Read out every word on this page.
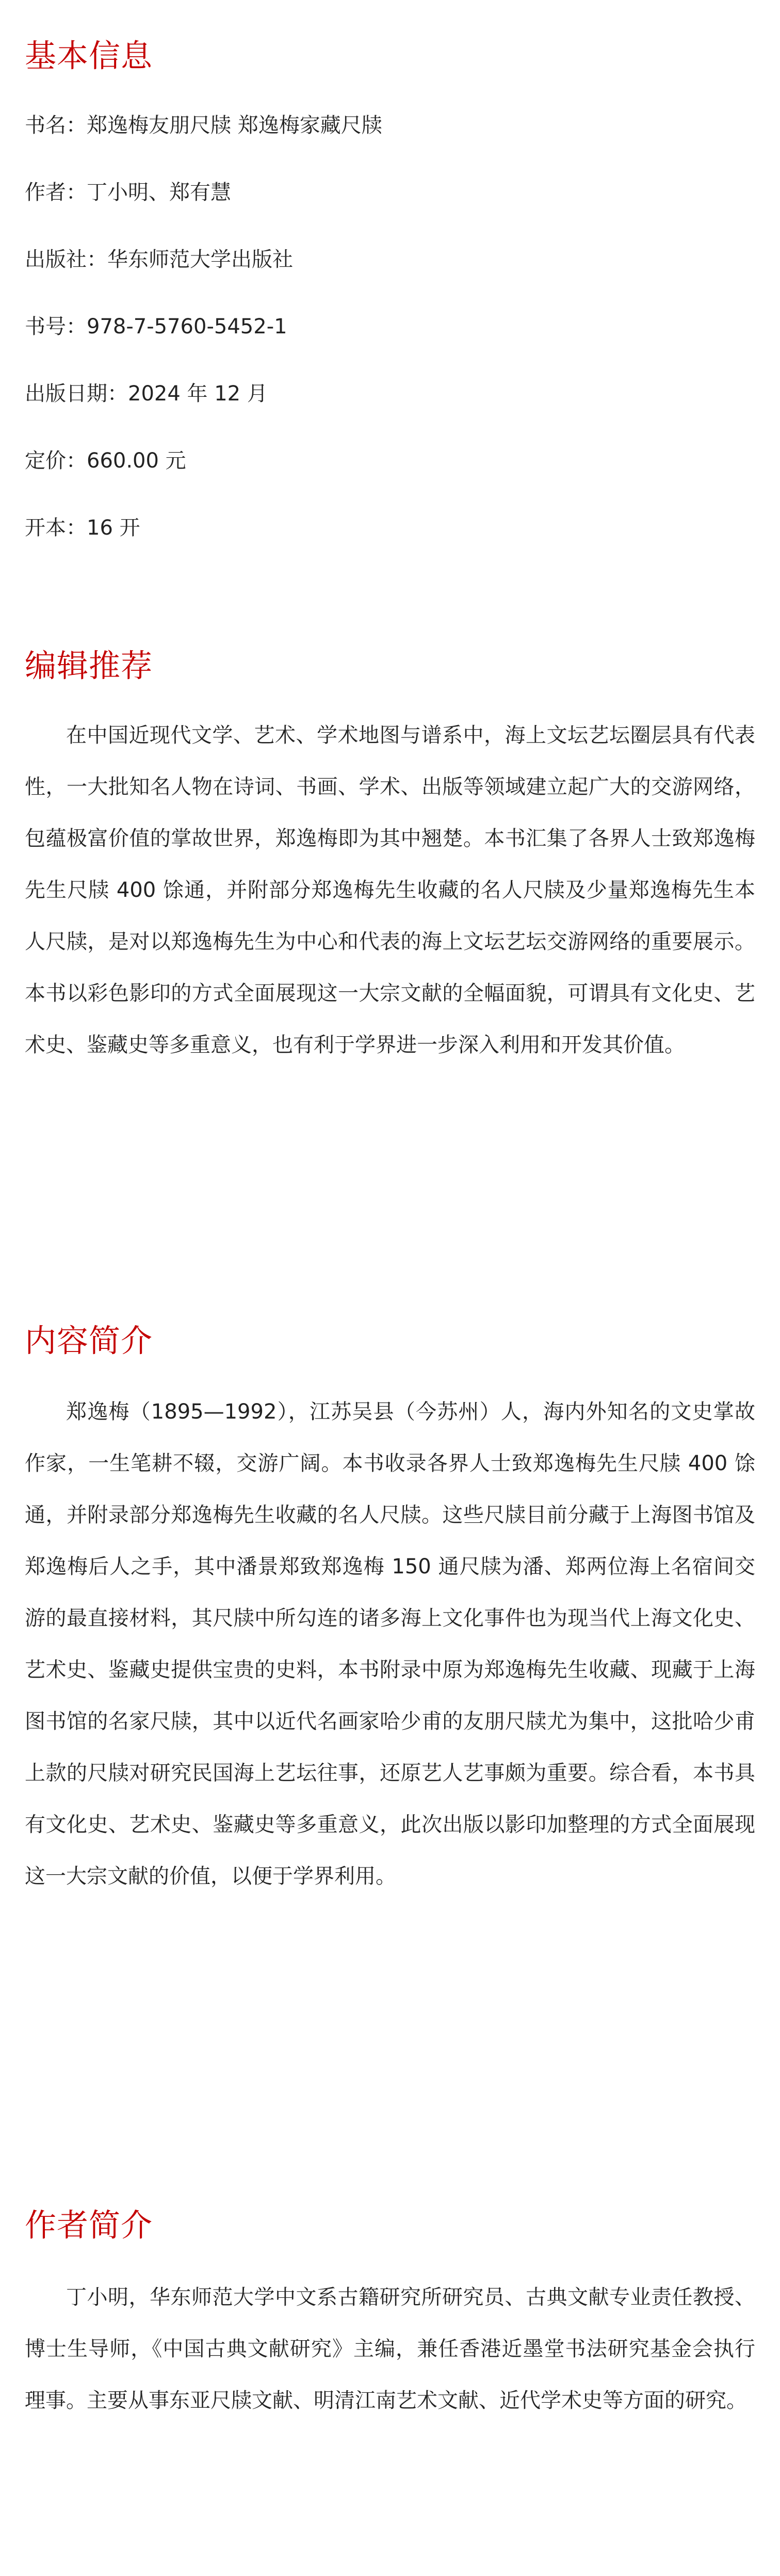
基本信息

书名：郑逸梅友朋尺牍 郑逸梅家藏尺牍

作者：丁小明、郑有慧

出版社：华东师范大学出版社

书号：978-7-5760-5452-1

出版日期：2024 年 12 月

定价：660.00 元

开本：16 开

编辑推荐

在中国近现代文学、艺术、学术地图与谱系中，海上文坛艺坛圈层具有代表性，一大批知名人物在诗词、书画、学术、出版等领域建立起广大的交游网络，包蕴极富价值的掌故世界，郑逸梅即为其中翘楚。本书汇集了各界人士致郑逸梅先生尺牍 400 馀通，并附部分郑逸梅先生收藏的名人尺牍及少量郑逸梅先生本人尺牍，是对以郑逸梅先生为中心和代表的海上文坛艺坛交游网络的重要展示。本书以彩色影印的方式全面展现这一大宗文献的全幅面貌，可谓具有文化史、艺术史、鉴藏史等多重意义，也有利于学界进一步深入利用和开发其价值。

内容简介

郑逸梅（1895—1992），江苏吴县（今苏州）人，海内外知名的文史掌故作家，一生笔耕不辍，交游广阔。本书收录各界人士致郑逸梅先生尺牍 400 馀通，并附录部分郑逸梅先生收藏的名人尺牍。这些尺牍目前分藏于上海图书馆及郑逸梅后人之手，其中潘景郑致郑逸梅 150 通尺牍为潘、郑两位海上名宿间交游的最直接材料，其尺牍中所勾连的诸多海上文化事件也为现当代上海文化史、艺术史、鉴藏史提供宝贵的史料，本书附录中原为郑逸梅先生收藏、现藏于上海图书馆的名家尺牍，其中以近代名画家哈少甫的友朋尺牍尤为集中，这批哈少甫上款的尺牍对研究民国海上艺坛往事，还原艺人艺事颇为重要。综合看，本书具有文化史、艺术史、鉴藏史等多重意义，此次出版以影印加整理的方式全面展现这一大宗文献的价值，以便于学界利用。

作者简介

丁小明，华东师范大学中文系古籍研究所研究员、古典文献专业责任教授、博士生导师，《中国古典文献研究》主编，兼任香港近墨堂书法研究基金会执行理事。主要从事东亚尺牍文献、明清江南艺术文献、近代学术史等方面的研究。
